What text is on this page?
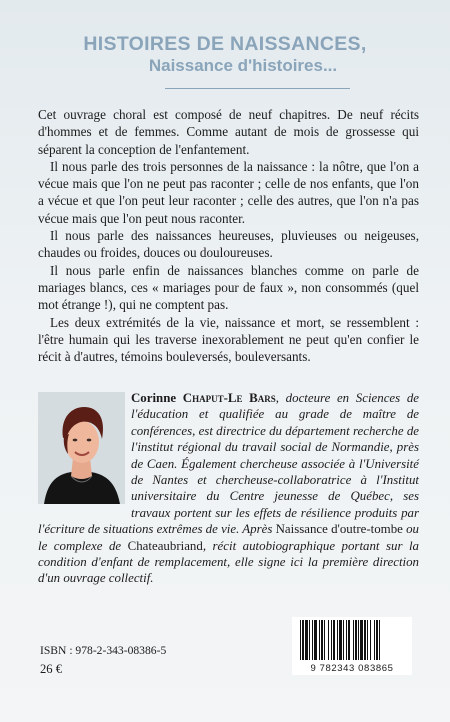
HISTOIRES DE NAISSANCES,
Naissance d'histoires...

Cet ouvrage choral est composé de neuf chapitres. De neuf récits d'hommes et de femmes. Comme autant de mois de grossesse qui séparent la conception de l'enfantement.

Il nous parle des trois personnes de la naissance : la nôtre, que l'on a vécue mais que l'on ne peut pas raconter ; celle de nos enfants, que l'on a vécue et que l'on peut leur raconter ; celle des autres, que l'on n'a pas vécue mais que l'on peut nous raconter.

Il nous parle des naissances heureuses, pluvieuses ou neigeuses, chaudes ou froides, douces ou douloureuses.

Il nous parle enfin de naissances blanches comme on parle de mariages blancs, ces « mariages pour de faux », non consommés (quel mot étrange !), qui ne comptent pas.

Les deux extrémités de la vie, naissance et mort, se ressemblent : l'être humain qui les traverse inexorablement ne peut qu'en confier le récit à d'autres, témoins bouleversés, bouleversants.

Corinne Chaput-Le Bars, docteure en Sciences de l'éducation et qualifiée au grade de maître de conférences, est directrice du département recherche de l'institut régional du travail social de Normandie, près de Caen. Également chercheuse associée à l'Université de Nantes et chercheuse-collaboratrice à l'Institut universitaire du Centre jeunesse de Québec, ses travaux portent sur les effets de résilience produits par l'écriture de situations extrêmes de vie. Après Naissance d'outre-tombe ou le complexe de Chateaubriand, récit autobiographique portant sur la condition d'enfant de remplacement, elle signe ici la première direction d'un ouvrage collectif.
ISBN : 978-2-343-08386-5
26 €	9 782343 083865
